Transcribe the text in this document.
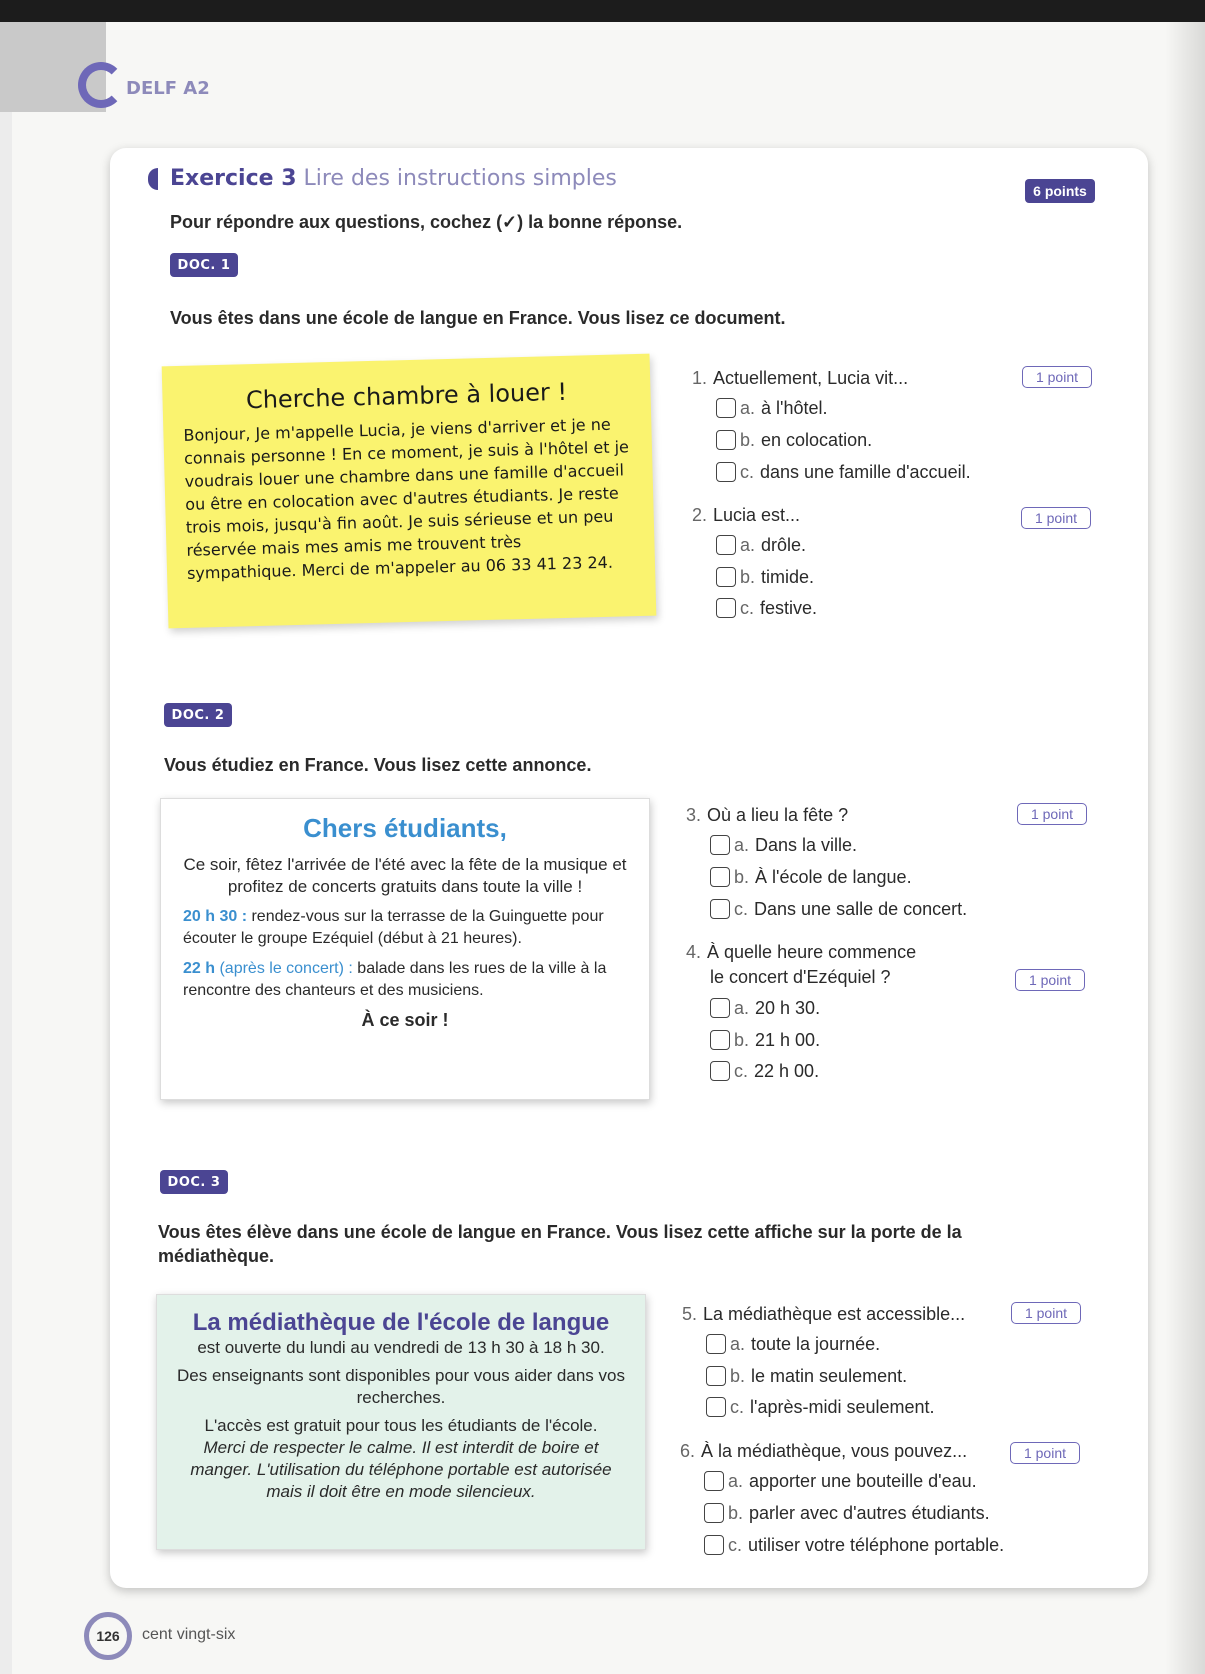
DELF A2
Exercice 3 Lire des instructions simples	6 points
Pour répondre aux questions, cochez (✓) la bonne réponse.
DOC. 1
Vous êtes dans une école de langue en France. Vous lisez ce document.
Cherche chambre à louer !
Bonjour, Je m'appelle Lucia, je viens d'arriver et je ne connais personne ! En ce moment, je suis à l'hôtel et je voudrais louer une chambre dans une famille d'accueil ou être en colocation avec d'autres étudiants. Je reste trois mois, jusqu'à fin août. Je suis sérieuse et un peu réservée mais mes amis me trouvent très sympathique. Merci de m'appeler au 06 33 41 23 24.
1. Actuellement, Lucia vit...	1 point
a. à l'hôtel.
b. en colocation.
c. dans une famille d'accueil.
2. Lucia est...	1 point
a. drôle.
b. timide.
c. festive.
DOC. 2
Vous étudiez en France. Vous lisez cette annonce.
Chers étudiants,
Ce soir, fêtez l'arrivée de l'été avec la fête de la musique et profitez de concerts gratuits dans toute la ville !
20 h 30 : rendez-vous sur la terrasse de la Guinguette pour écouter le groupe Ezéquiel (début à 21 heures).
22 h (après le concert) : balade dans les rues de la ville à la rencontre des chanteurs et des musiciens.
À ce soir !
3. Où a lieu la fête ?	1 point
a. Dans la ville.
b. À l'école de langue.
c. Dans une salle de concert.
4. À quelle heure commence
le concert d'Ezéquiel ?	1 point
a. 20 h 30.
b. 21 h 00.
c. 22 h 00.
DOC. 3
Vous êtes élève dans une école de langue en France. Vous lisez cette affiche sur la porte de la médiathèque.
La médiathèque de l'école de langue
est ouverte du lundi au vendredi de 13 h 30 à 18 h 30.
Des enseignants sont disponibles pour vous aider dans vos recherches.
L'accès est gratuit pour tous les étudiants de l'école.
Merci de respecter le calme. Il est interdit de boire et manger. L'utilisation du téléphone portable est autorisée mais il doit être en mode silencieux.
5. La médiathèque est accessible...	1 point
a. toute la journée.
b. le matin seulement.
c. l'après-midi seulement.
6. À la médiathèque, vous pouvez...	1 point
a. apporter une bouteille d'eau.
b. parler avec d'autres étudiants.
c. utiliser votre téléphone portable.
126	cent vingt-six
